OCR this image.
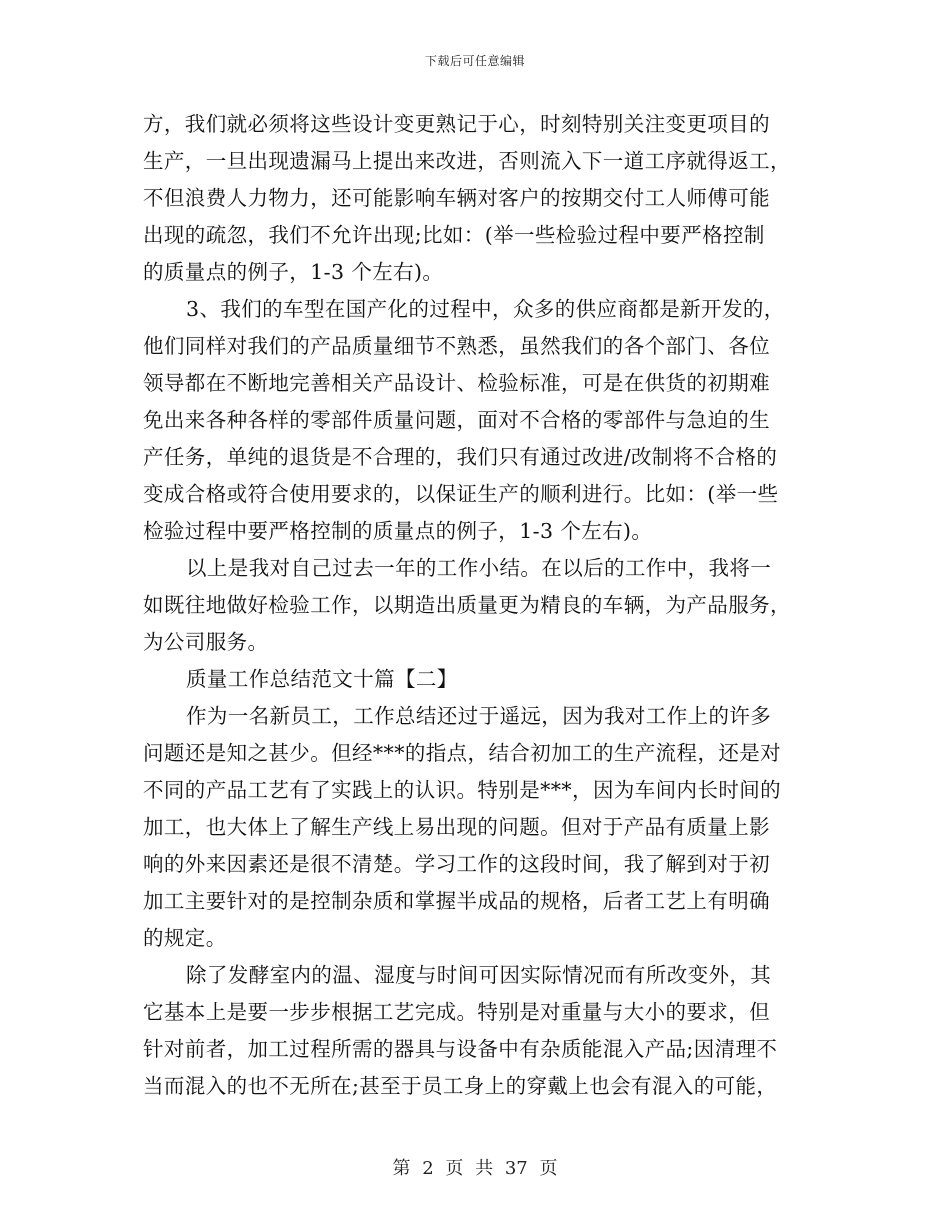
下载后可任意编辑
方，我们就必须将这些设计变更熟记于心，时刻特别关注变更项目的
生产，一旦出现遗漏马上提出来改进，否则流入下一道工序就得返工，
不但浪费人力物力，还可能影响车辆对客户的按期交付工人师傅可能
出现的疏忽，我们不允许出现;比如：(举一些检验过程中要严格控制
的质量点的例子，1-3 个左右)。
3、我们的车型在国产化的过程中，众多的供应商都是新开发的，
他们同样对我们的产品质量细节不熟悉，虽然我们的各个部门、各位
领导都在不断地完善相关产品设计、检验标准，可是在供货的初期难
免出来各种各样的零部件质量问题，面对不合格的零部件与急迫的生
产任务，单纯的退货是不合理的，我们只有通过改进/改制将不合格的
变成合格或符合使用要求的，以保证生产的顺利进行。比如：(举一些
检验过程中要严格控制的质量点的例子，1-3 个左右)。
以上是我对自己过去一年的工作小结。在以后的工作中，我将一
如既往地做好检验工作，以期造出质量更为精良的车辆，为产品服务，
为公司服务。
质量工作总结范文十篇【二】
作为一名新员工，工作总结还过于遥远，因为我对工作上的许多
问题还是知之甚少。但经***的指点，结合初加工的生产流程，还是对
不同的产品工艺有了实践上的认识。特别是***，因为车间内长时间的
加工，也大体上了解生产线上易出现的问题。但对于产品有质量上影
响的外来因素还是很不清楚。学习工作的这段时间，我了解到对于初
加工主要针对的是控制杂质和掌握半成品的规格，后者工艺上有明确
的规定。
除了发酵室内的温、湿度与时间可因实际情况而有所改变外，其
它基本上是要一步步根据工艺完成。特别是对重量与大小的要求，但
针对前者，加工过程所需的器具与设备中有杂质能混入产品;因清理不
当而混入的也不无所在;甚至于员工身上的穿戴上也会有混入的可能，
第 2 页 共 37 页
